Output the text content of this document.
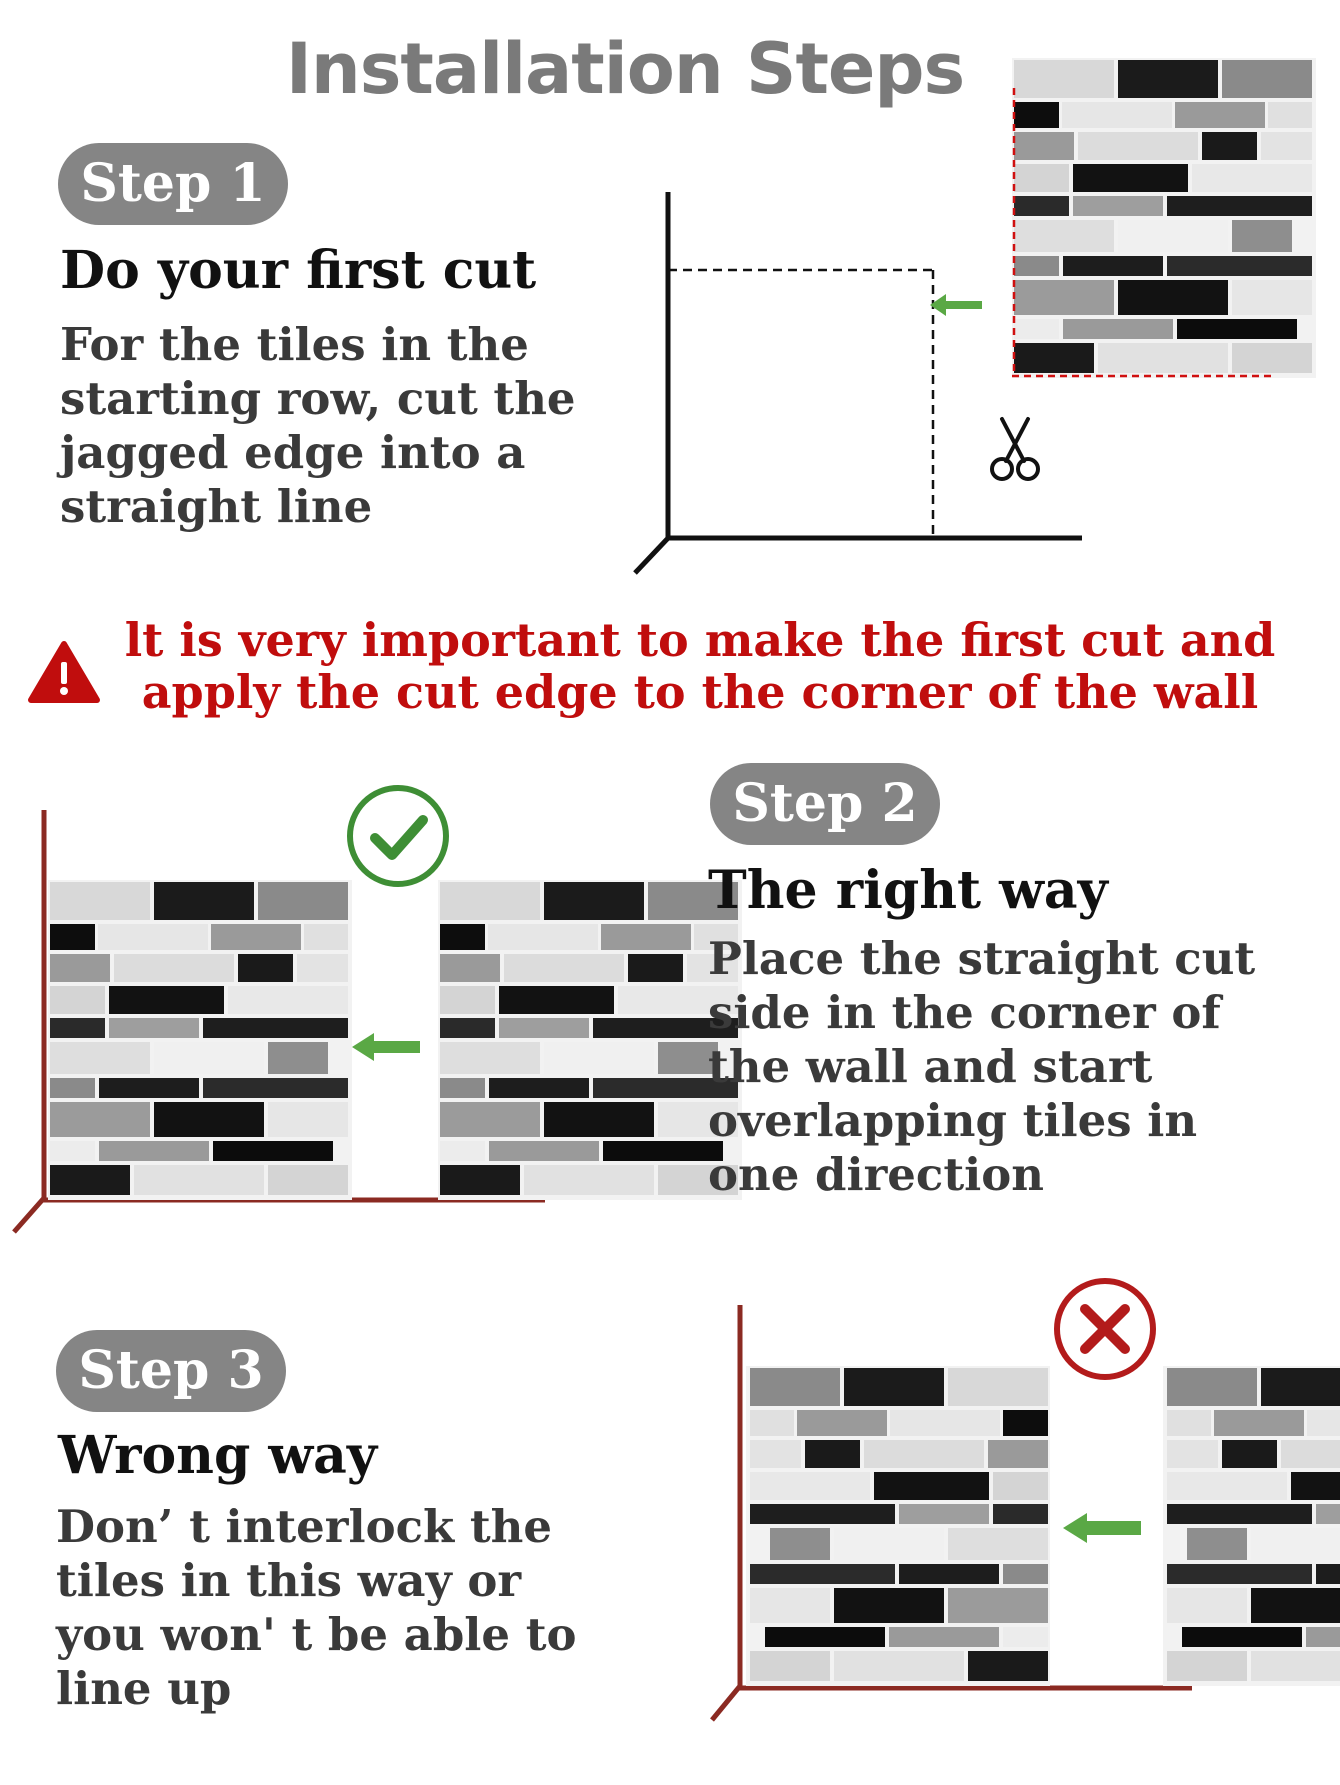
Installation Steps
Step 1
Do your first cut
For the tiles in the
starting row, cut the
jagged edge into a
straight line
lt is very important to make the first cut and
apply the cut edge to the corner of the wall
Step 2
The right way
Place the straight cut
side in the corner of
the wall and start
overlapping tiles in
one direction
Step 3
Wrong way
Don’ t interlock the
tiles in this way or
you won' t be able to
line up
